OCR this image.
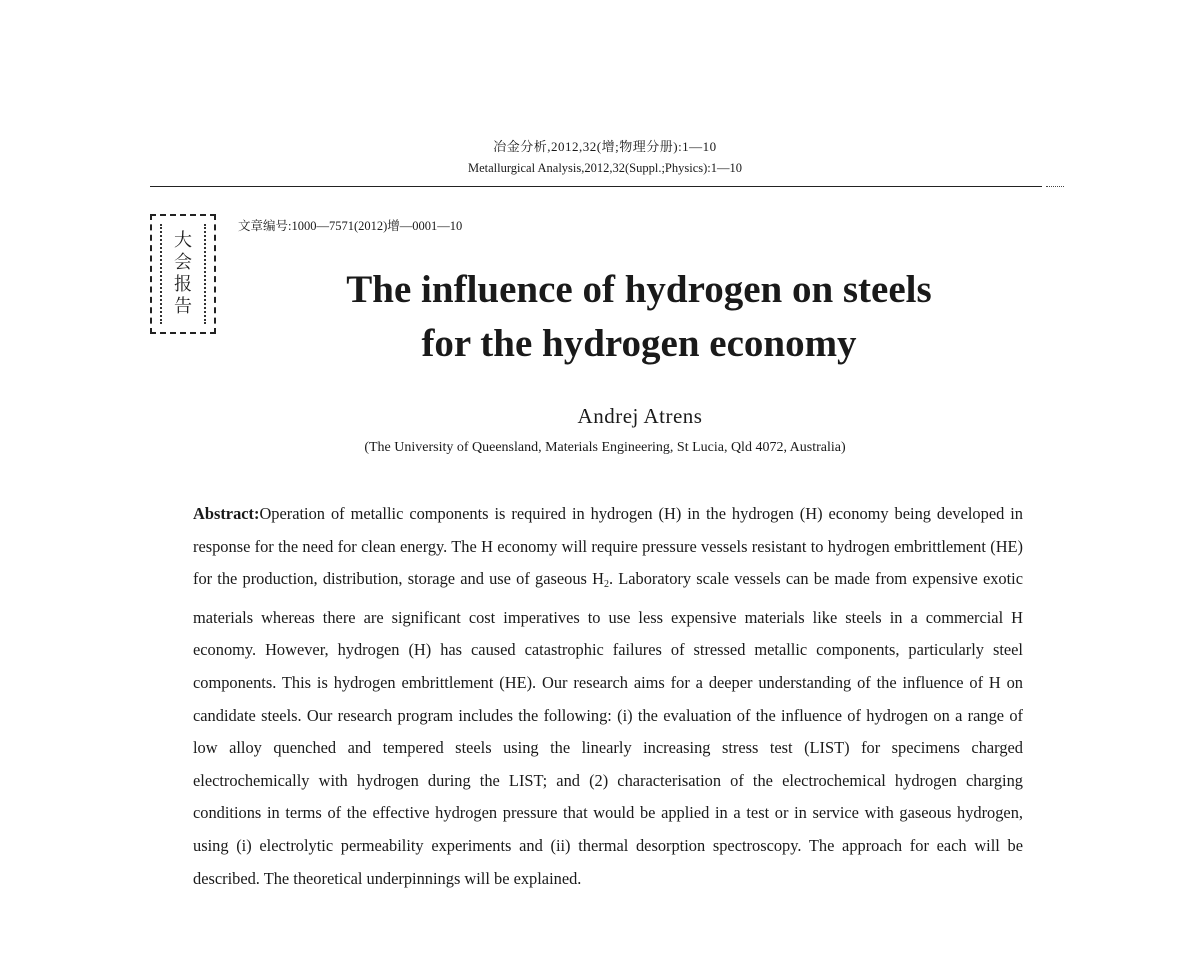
冶金分析,2012,32(增;物理分册):1—10
Metallurgical Analysis,2012,32(Suppl.;Physics):1—10
大
会
报
告
文章编号:1000—7571(2012)增—0001—10
The influence of hydrogen on steels
for the hydrogen economy
Andrej Atrens
(The University of Queensland, Materials Engineering, St Lucia, Qld 4072, Australia)
Abstract:Operation of metallic components is required in hydrogen (H) in the hydrogen (H) economy being developed in response for the need for clean energy. The H economy will require pressure vessels resistant to hydrogen embrittlement (HE) for the production, distribution, storage and use of gaseous $H_2$. Laboratory scale vessels can be made from expensive exotic materials whereas there are significant cost imperatives to use less expensive materials like steels in a commercial H economy. However, hydrogen (H) has caused catastrophic failures of stressed metallic components, particularly steel components. This is hydrogen embrittlement (HE). Our research aims for a deeper understanding of the influence of H on candidate steels. Our research program includes the following: (i) the evaluation of the influence of hydrogen on a range of low alloy quenched and tempered steels using the linearly increasing stress test (LIST) for specimens charged electrochemically with hydrogen during the LIST; and (2) characterisation of the electrochemical hydrogen charging conditions in terms of the effective hydrogen pressure that would be applied in a test or in service with gaseous hydrogen, using (i) electrolytic permeability experiments and (ii) thermal desorption spectroscopy. The approach for each will be described. The theoretical underpinnings will be explained.
